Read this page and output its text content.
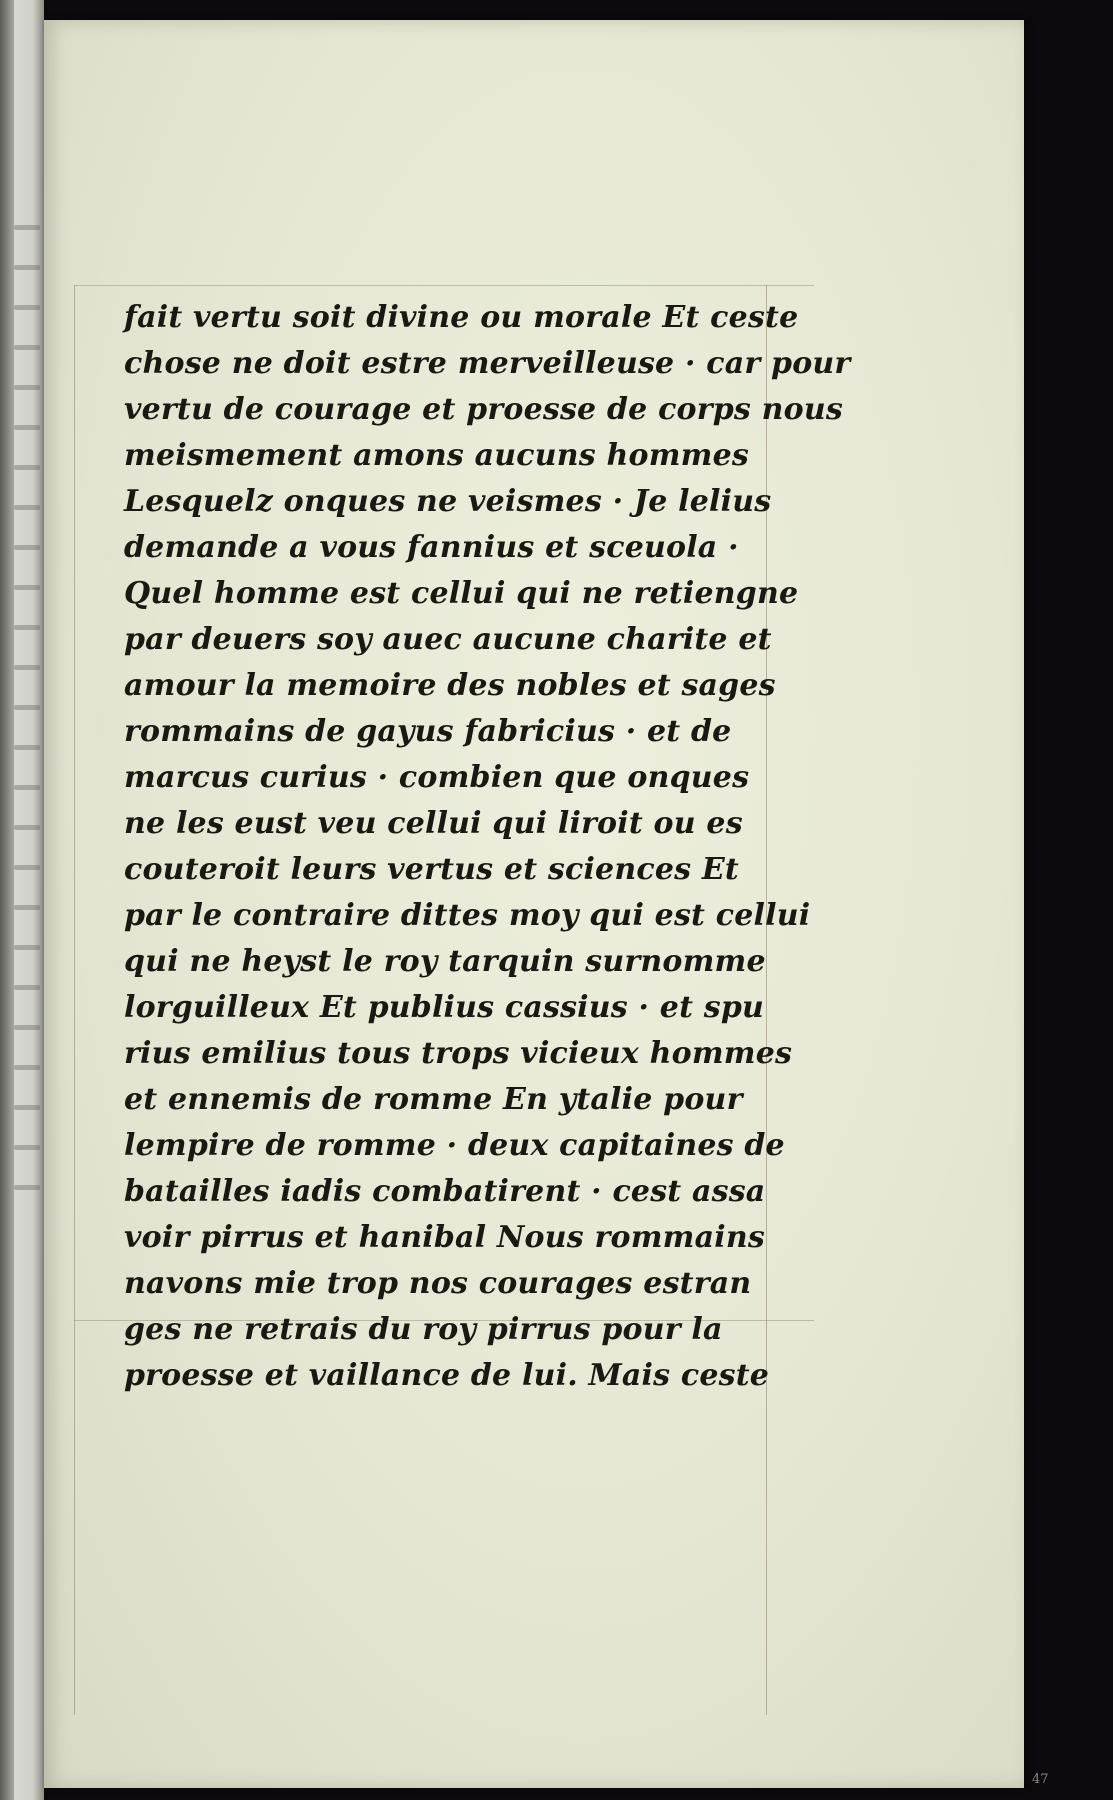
fait vertu soit divine ou morale Et ceste
chose ne doit estre merveilleuse · car pour
vertu de courage et proesse de corps nous
meismement amons aucuns hommes
Lesquelz onques ne veismes · Je lelius
demande a vous fannius et sceuola ·
Quel homme est cellui qui ne retiengne
par deuers soy auec aucune charite et
amour la memoire des nobles et sages
rommains de gayus fabricius · et de
marcus curius · combien que onques
ne les eust veu cellui qui liroit ou es
couteroit leurs vertus et sciences Et
par le contraire dittes moy qui est cellui
qui ne heyst le roy tarquin surnomme
lorguilleux Et publius cassius · et spu
rius emilius tous trops vicieux hommes
et ennemis de romme En ytalie pour
lempire de romme · deux capitaines de
batailles iadis combatirent · cest assa
voir pirrus et hanibal Nous rommains
navons mie trop nos courages estran
ges ne retrais du roy pirrus pour la
proesse et vaillance de lui. Mais ceste
47
